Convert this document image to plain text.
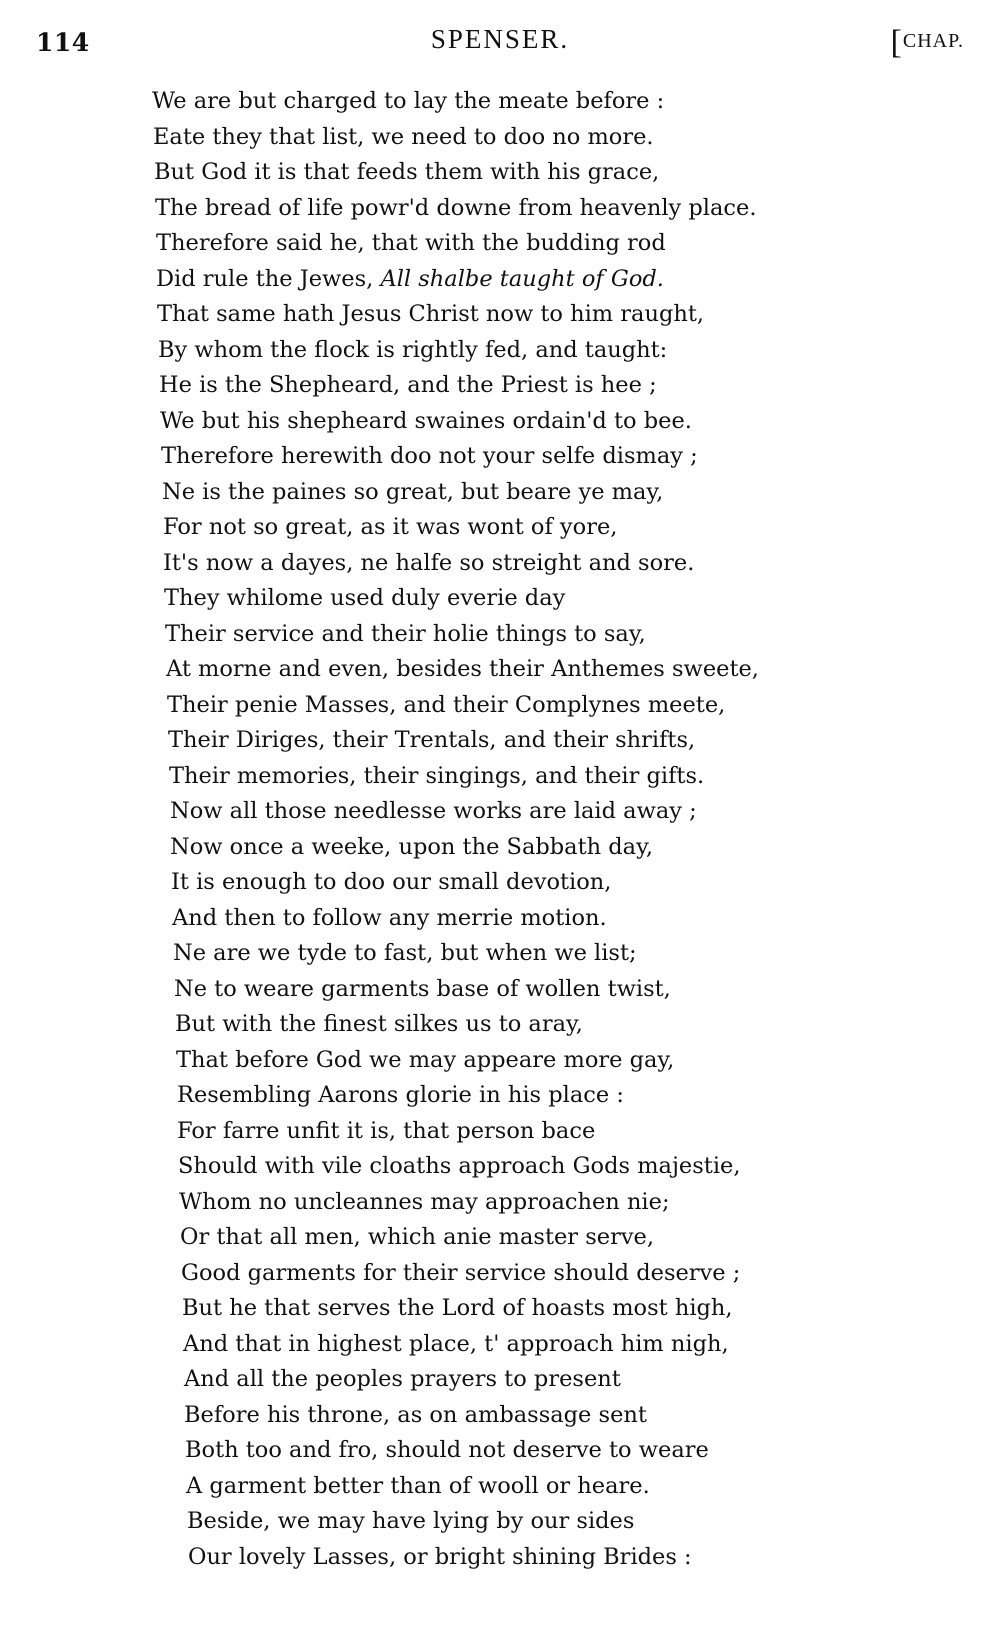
114	SPENSER.	[CHAP.
We are but charged to lay the meate before :
Eate they that list, we need to doo no more.
But God it is that feeds them with his grace,
The bread of life powr'd downe from heavenly place.
Therefore said he, that with the budding rod
Did rule the Jewes, All shalbe taught of God.
That same hath Jesus Christ now to him raught,
By whom the flock is rightly fed, and taught:
He is the Shepheard, and the Priest is hee ;
We but his shepheard swaines ordain'd to bee.
Therefore herewith doo not your selfe dismay ;
Ne is the paines so great, but beare ye may,
For not so great, as it was wont of yore,
It's now a dayes, ne halfe so streight and sore.
They whilome used duly everie day
Their service and their holie things to say,
At morne and even, besides their Anthemes sweete,
Their penie Masses, and their Complynes meete,
Their Diriges, their Trentals, and their shrifts,
Their memories, their singings, and their gifts.
Now all those needlesse works are laid away ;
Now once a weeke, upon the Sabbath day,
It is enough to doo our small devotion,
And then to follow any merrie motion.
Ne are we tyde to fast, but when we list;
Ne to weare garments base of wollen twist,
But with the finest silkes us to aray,
That before God we may appeare more gay,
Resembling Aarons glorie in his place :
For farre unfit it is, that person bace
Should with vile cloaths approach Gods majestie,
Whom no uncleannes may approachen nie;
Or that all men, which anie master serve,
Good garments for their service should deserve ;
But he that serves the Lord of hoasts most high,
And that in highest place, t' approach him nigh,
And all the peoples prayers to present
Before his throne, as on ambassage sent
Both too and fro, should not deserve to weare
A garment better than of wooll or heare.
Beside, we may have lying by our sides
Our lovely Lasses, or bright shining Brides :
